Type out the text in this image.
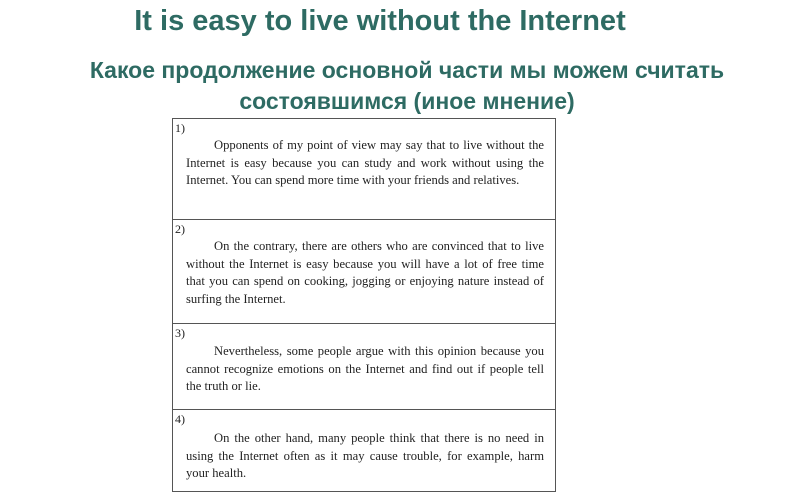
It is easy to live without the Internet
Какое продолжение основной части мы можем считать состоявшимся (иное мнение)
1)
Opponents of my point of view may say that to live without the Internet is easy because you can study and work without using the Internet. You can spend more time with your friends and relatives.
2)
On the contrary, there are others who are convinced that to live without the Internet is easy because you will have a lot of free time that you can spend on cooking, jogging or enjoying nature instead of surfing the Internet.
3)
Nevertheless, some people argue with this opinion because you cannot recognize emotions on the Internet and find out if people tell the truth or lie.
4)
On the other hand, many people think that there is no need in using the Internet often as it may cause trouble, for example, harm your health.
